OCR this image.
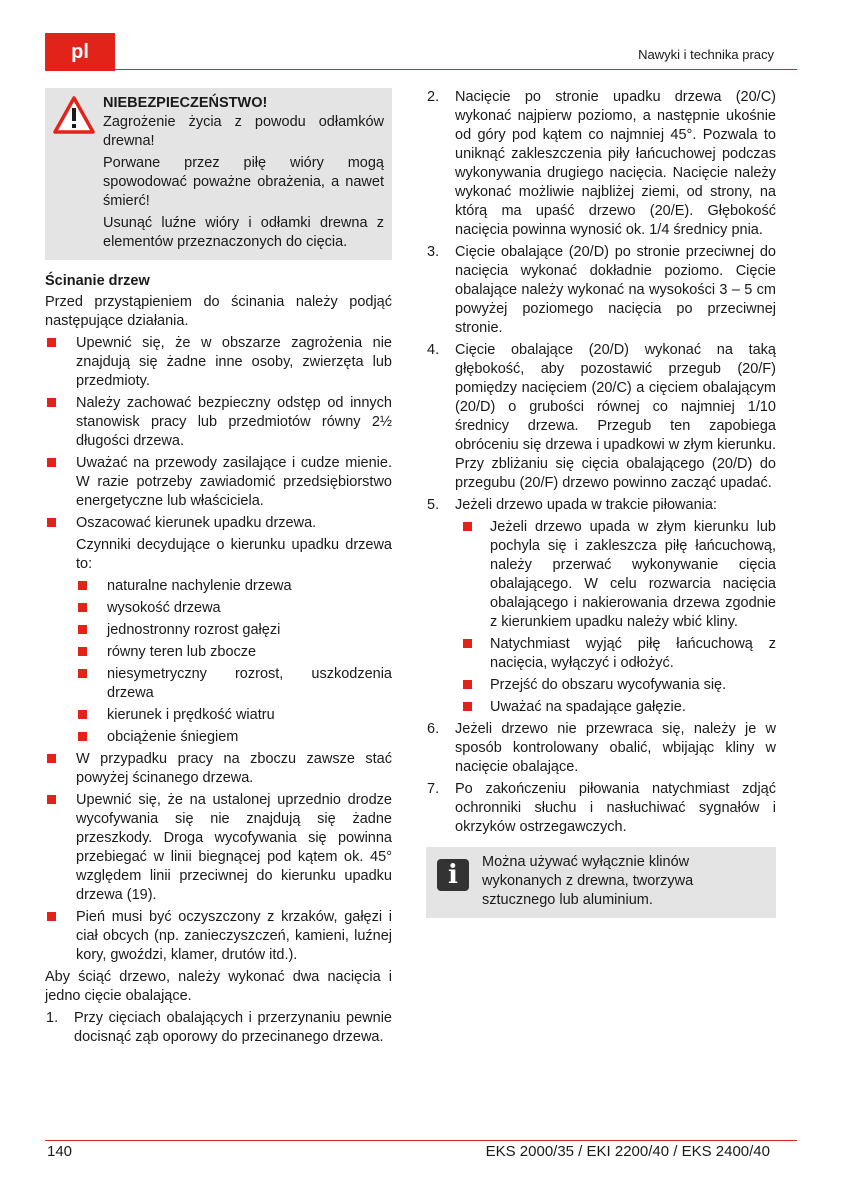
pl	Nawyki i technika pracy
NIEBEZPIECZEŃSTWO!

Zagrożenie życia z powodu odłamków drewna!

Porwane przez piłę wióry mogą spowodować poważne obrażenia, a nawet śmierć!

Usunąć luźne wióry i odłamki drewna z elementów przeznaczonych do cięcia.

Ścinanie drzew

Przed przystąpieniem do ścinania należy podjąć następujące działania.

Upewnić się, że w obszarze zagrożenia nie znajdują się żadne inne osoby, zwierzęta lub przedmioty.
Należy zachować bezpieczny odstęp od innych stanowisk pracy lub przedmiotów równy 2½ długości drzewa.
Uważać na przewody zasilające i cudze mienie. W razie potrzeby zawiadomić przedsiębiorstwo energetyczne lub właściciela.
Oszacować kierunek upadku drzewa.
Czynniki decydujące o kierunku upadku drzewa to:
naturalne nachylenie drzewa
wysokość drzewa
jednostronny rozrost gałęzi
równy teren lub zbocze
niesymetryczny rozrost, uszkodzenia drzewa
kierunek i prędkość wiatru
obciążenie śniegiem
W przypadku pracy na zboczu zawsze stać powyżej ścinanego drzewa.
Upewnić się, że na ustalonej uprzednio drodze wycofywania się nie znajdują się żadne przeszkody. Droga wycofywania się powinna przebiegać w linii biegnącej pod kątem ok. 45° względem linii przeciwnej do kierunku upadku drzewa (19).
Pień musi być oczyszczony z krzaków, gałęzi i ciał obcych (np. zanieczyszczeń, kamieni, luźnej kory, gwoździ, klamer, drutów itd.).

Aby ściąć drzewo, należy wykonać dwa nacięcia i jedno cięcie obalające.

1. Przy cięciach obalających i przerzynaniu pewnie docisnąć ząb oporowy do przecinanego drzewa.
2. Nacięcie po stronie upadku drzewa (20/C) wykonać najpierw poziomo, a następnie ukośnie od góry pod kątem co najmniej 45°. Pozwala to uniknąć zakleszczenia piły łańcuchowej podczas wykonywania drugiego nacięcia. Nacięcie należy wykonać możliwie najbliżej ziemi, od strony, na którą ma upaść drzewo (20/E). Głębokość nacięcia powinna wynosić ok. 1/4 średnicy pnia.
3. Cięcie obalające (20/D) po stronie przeciwnej do nacięcia wykonać dokładnie poziomo. Cięcie obalające należy wykonać na wysokości 3 – 5 cm powyżej poziomego nacięcia po przeciwnej stronie.
4. Cięcie obalające (20/D) wykonać na taką głębokość, aby pozostawić przegub (20/F) pomiędzy nacięciem (20/C) a cięciem obalającym (20/D) o grubości równej co najmniej 1/10 średnicy drzewa. Przegub ten zapobiega obróceniu się drzewa i upadkowi w złym kierunku. Przy zbliżaniu się cięcia obalającego (20/D) do przegubu (20/F) drzewo powinno zacząć upadać.
5. Jeżeli drzewo upada w trakcie piłowania:
Jeżeli drzewo upada w złym kierunku lub pochyla się i zakleszcza piłę łańcuchową, należy przerwać wykonywanie cięcia obalającego. W celu rozwarcia nacięcia obalającego i nakierowania drzewa zgodnie z kierunkiem upadku należy wbić kliny.
Natychmiast wyjąć piłę łańcuchową z nacięcia, wyłączyć i odłożyć.
Przejść do obszaru wycofywania się.
Uważać na spadające gałęzie.
6. Jeżeli drzewo nie przewraca się, należy je w sposób kontrolowany obalić, wbijając kliny w nacięcie obalające.
7. Po zakończeniu piłowania natychmiast zdjąć ochronniki słuchu i nasłuchiwać sygnałów i okrzyków ostrzegawczych.
i	Można używać wyłącznie klinów wykonanych z drewna, tworzywa sztucznego lub aluminium.

140	EKS 2000/35 / EKI 2200/40 / EKS 2400/40
